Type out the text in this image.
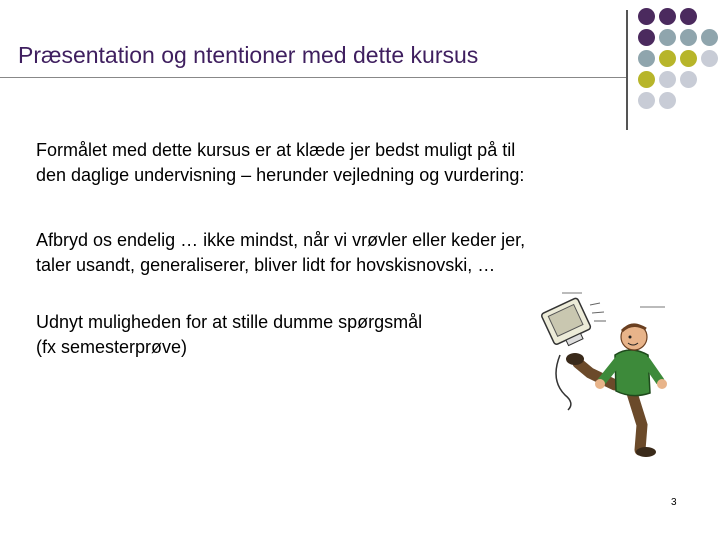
Præsentation og ntentioner med dette kursus
Formålet med dette kursus er at klæde jer bedst muligt på til
den daglige undervisning – herunder vejledning og vurdering:
Afbryd os endelig … ikke mindst, når vi vrøvler eller keder jer,
taler usandt, generaliserer, bliver lidt for hovskisnovski, …
Udnyt muligheden for at stille dumme spørgsmål
(fx semesterprøve)
3
